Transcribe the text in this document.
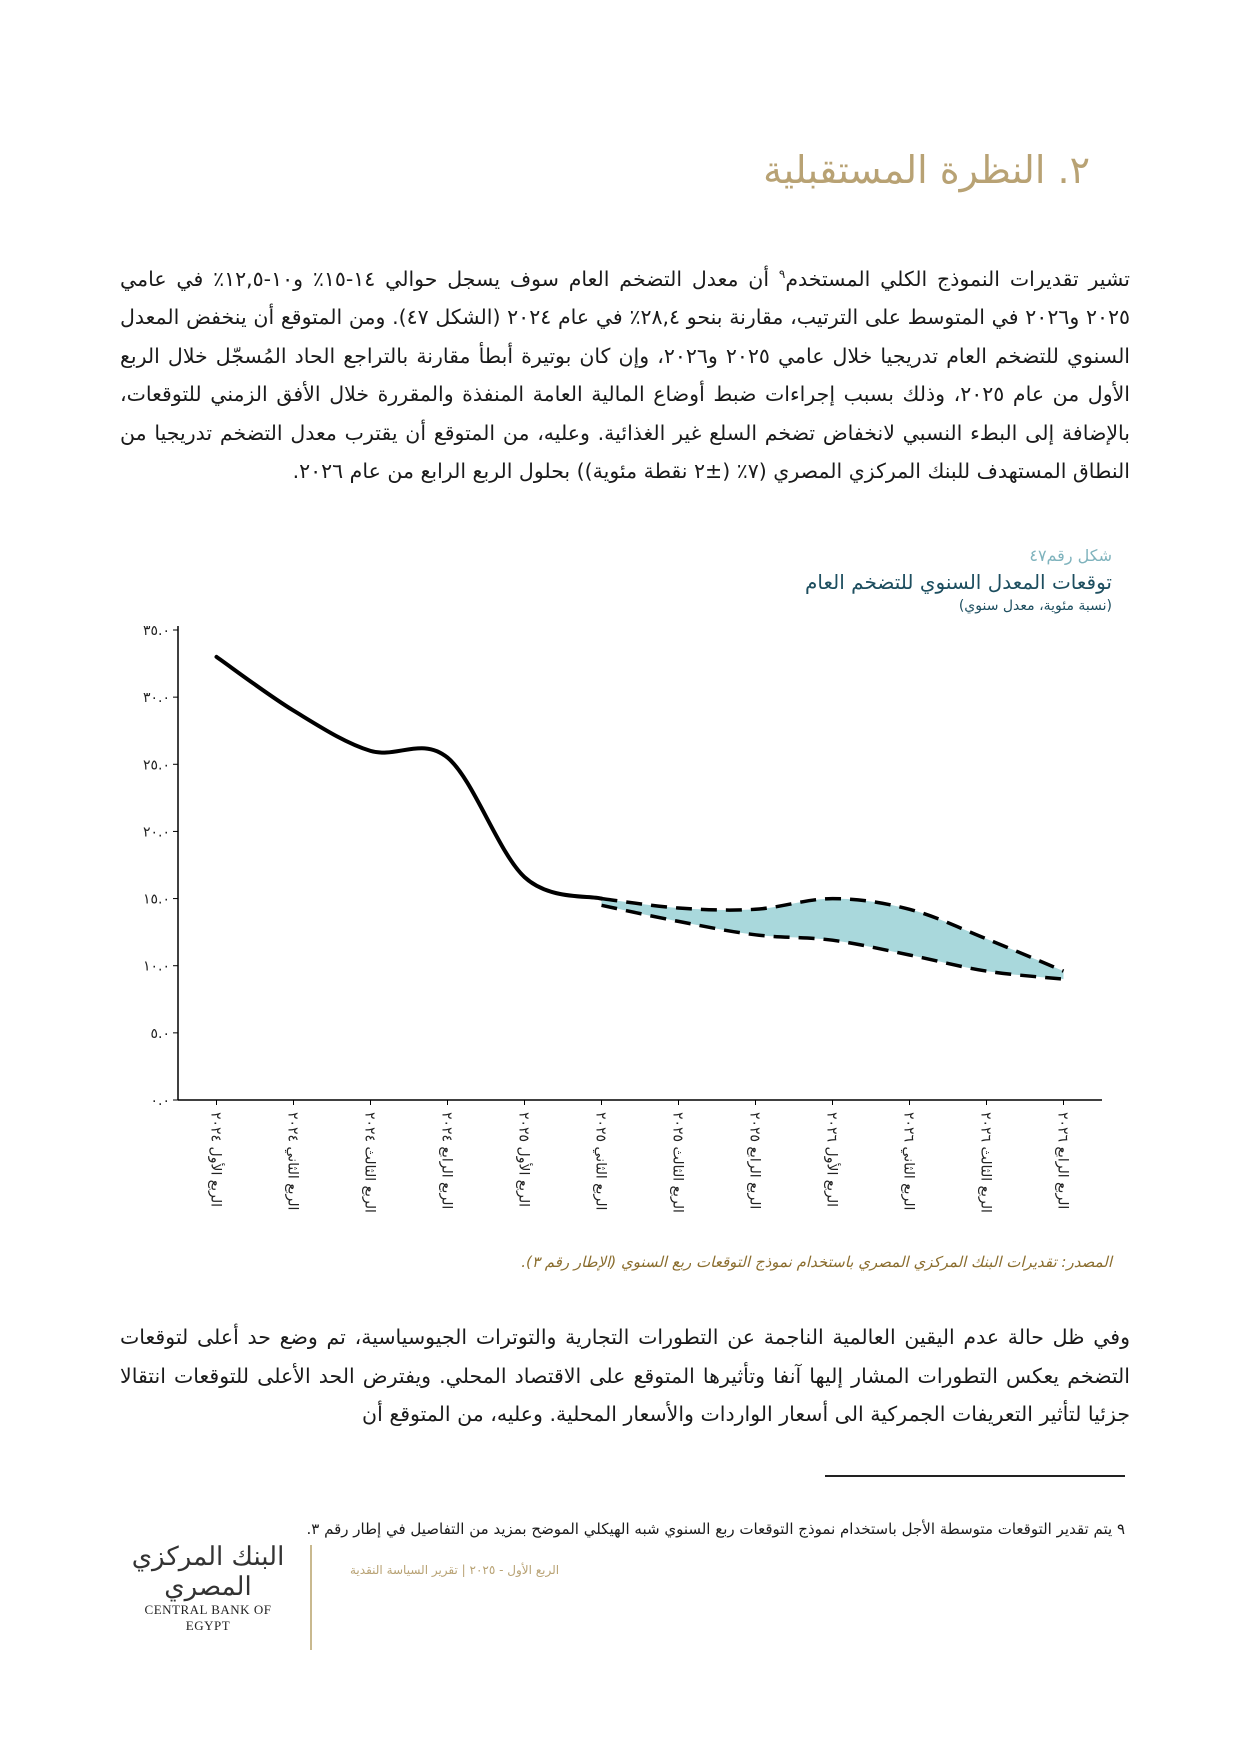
٢. النظرة المستقبلية

تشير تقديرات النموذج الكلي المستخدم$^٩$ أن معدل التضخم العام سوف يسجل حوالي ١٤-١٥٪ و١٠-١٢,٥٪ في عامي ٢٠٢٥ و٢٠٢٦ في المتوسط على الترتيب، مقارنة بنحو ٢٨,٤٪ في عام ٢٠٢٤ (الشكل ٤٧). ومن المتوقع أن ينخفض المعدل السنوي للتضخم العام تدريجيا خلال عامي ٢٠٢٥ و٢٠٢٦، وإن كان بوتيرة أبطأ مقارنة بالتراجع الحاد المُسجّل خلال الربع الأول من عام ٢٠٢٥، وذلك بسبب إجراءات ضبط أوضاع المالية العامة المنفذة والمقررة خلال الأفق الزمني للتوقعات، بالإضافة إلى البطء النسبي لانخفاض تضخم السلع غير الغذائية. وعليه، من المتوقع أن يقترب معدل التضخم تدريجيا من النطاق المستهدف للبنك المركزي المصري (٧٪ (±٢ نقطة مئوية)) بحلول الربع الرابع من عام ٢٠٢٦.

شكل رقم٤٧
توقعات المعدل السنوي للتضخم العام
(نسبة مئوية، معدل سنوي)
٠.٠
٥.٠
١٠.٠
١٥.٠
٢٠.٠
٢٥.٠
٣٠.٠
٣٥.٠
الربع الأول ٢٠٢٤
الربع الثاني ٢٠٢٤
الربع الثالث ٢٠٢٤
الربع الرابع ٢٠٢٤
الربع الأول ٢٠٢٥
الربع الثاني ٢٠٢٥
الربع الثالث ٢٠٢٥
الربع الرابع ٢٠٢٥
الربع الأول ٢٠٢٦
الربع الثاني ٢٠٢٦
الربع الثالث ٢٠٢٦
الربع الرابع ٢٠٢٦
المصدر: تقديرات البنك المركزي المصري باستخدام نموذج التوقعات ربع السنوي (الإطار رقم ٣).

وفي ظل حالة عدم اليقين العالمية الناجمة عن التطورات التجارية والتوترات الجيوسياسية، تم وضع حد أعلى لتوقعات التضخم يعكس التطورات المشار إليها آنفا وتأثيرها المتوقع على الاقتصاد المحلي. ويفترض الحد الأعلى للتوقعات انتقالا جزئيا لتأثير التعريفات الجمركية الى أسعار الواردات والأسعار المحلية. وعليه، من المتوقع أن

٩ يتم تقدير التوقعات متوسطة الأجل باستخدام نموذج التوقعات ربع السنوي شبه الهيكلي الموضح بمزيد من التفاصيل في إطار رقم ٣.
البنك المركزي المصري
CENTRAL BANK OF EGYPT
الربع الأول - ٢٠٢٥ | تقرير السياسة النقدية
